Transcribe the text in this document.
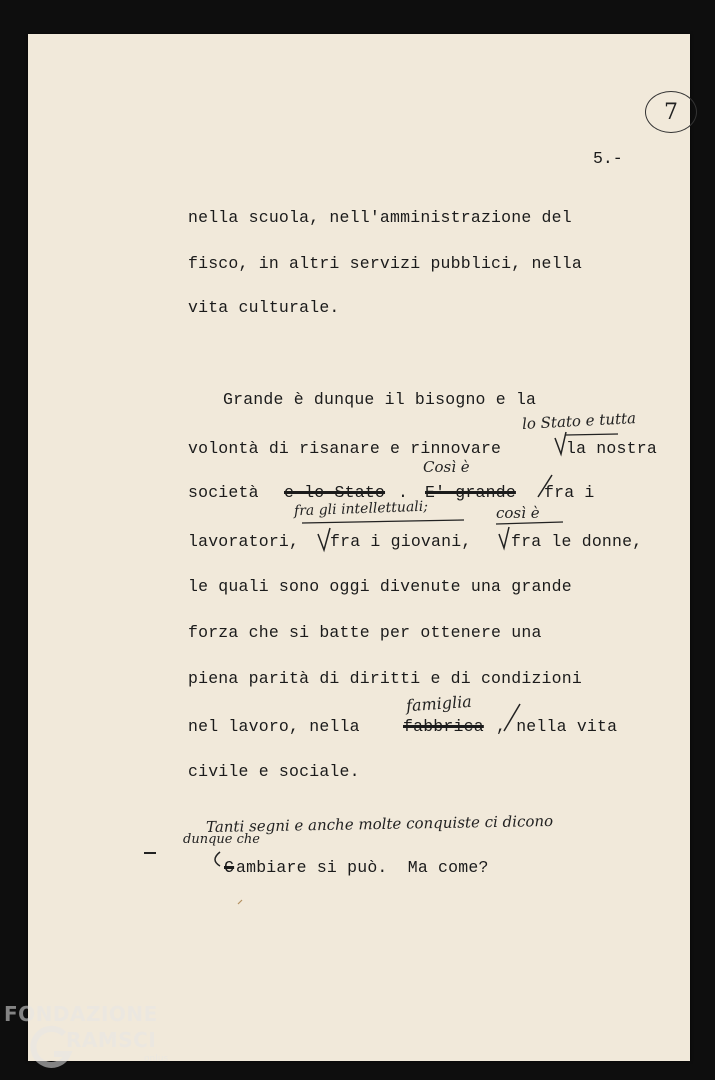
7
5.-
nella scuola, nell'amministrazione del
fisco, in altri servizi pubblici, nella
vita culturale.
Grande è dunque il bisogno e la
volontà di risanare e rinnovare	la nostra
società e lo Stato . E' grande fra i
lavoratori, fra i giovani, fra le donne,
le quali sono oggi divenute una grande
forza che si batte per ottenere una
piena parità di diritti e di condizioni
nel lavoro, nella	fabbrica , nella vita
civile e sociale.
C ambiare si può.  Ma come?
lo Stato e tutta
Così è
fra gli intellettuali;	così è
famiglia
Tanti segni e anche molte conquiste ci dicono
dunque che
FONDAZIONE
RAMSCI
onlus
